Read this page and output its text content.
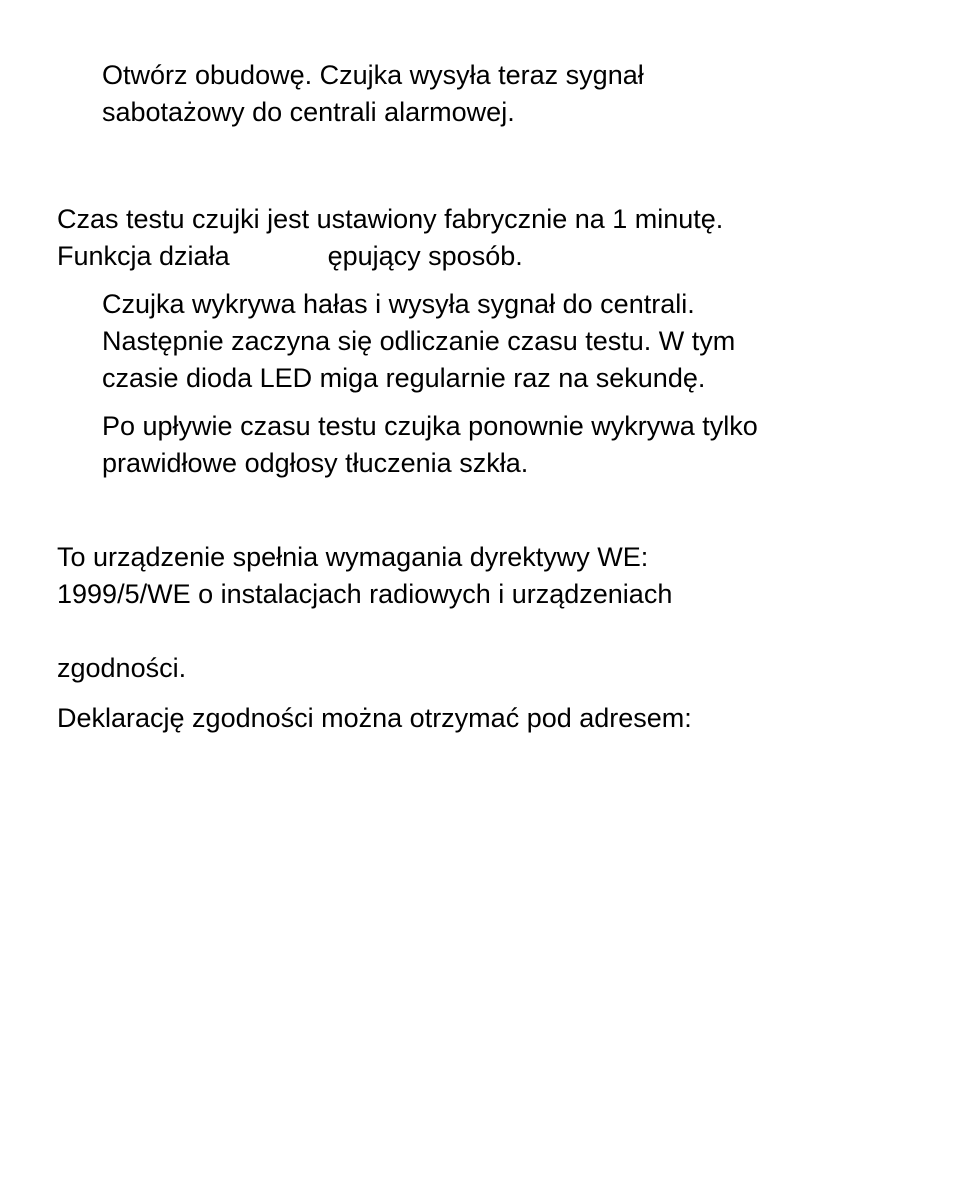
Otwórz obudowę. Czujka wysyła teraz sygnał

sabotażowy do centrali alarmowej.

Czas testu czujki jest ustawiony fabrycznie na 1 minutę.

Funkcja działa	ępujący sposób.

Czujka wykrywa hałas i wysyła sygnał do centrali.

Następnie zaczyna się odliczanie czasu testu. W tym

czasie dioda LED miga regularnie raz na sekundę.

Po upływie czasu testu czujka ponownie wykrywa tylko

prawidłowe odgłosy tłuczenia szkła.

To urządzenie spełnia wymagania dyrektywy WE:

1999/5/WE o instalacjach radiowych i urządzeniach

zgodności.

Deklarację zgodności można otrzymać pod adresem:
